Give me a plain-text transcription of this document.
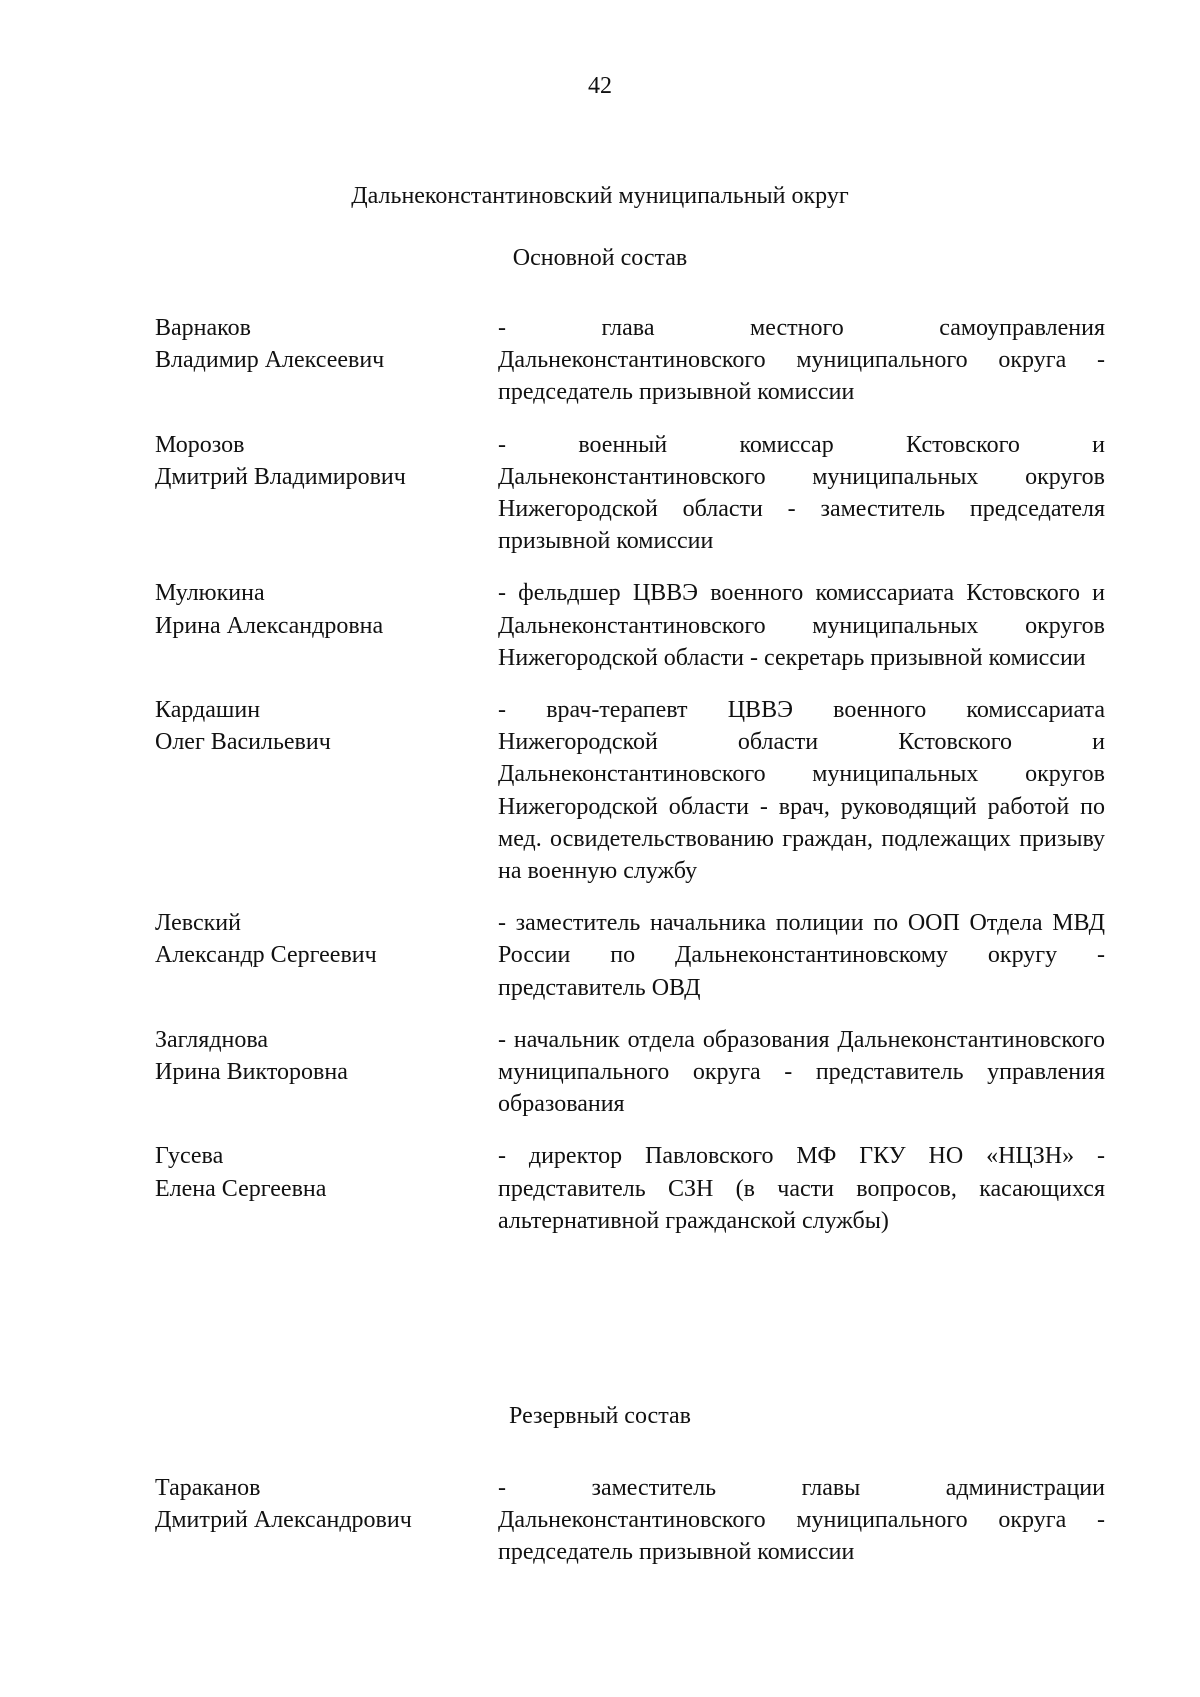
42
Дальнеконстантиновский муниципальный округ
Основной состав
Варнаков
Владимир Алексеевич
- глава местного самоуправления Дальнеконстантиновского муниципального округа - председатель призывной комиссии
Морозов
Дмитрий Владимирович
- военный комиссар Кстовского и Дальнеконстантиновского муниципальных округов Нижегородской области - заместитель председателя призывной комиссии
Мулюкина
Ирина Александровна
- фельдшер ЦВВЭ военного комиссариата Кстовского и Дальнеконстантиновского муниципальных округов Нижегородской области - секретарь призывной комиссии
Кардашин
Олег Васильевич
- врач-терапевт ЦВВЭ военного комиссариата Нижегородской области Кстовского и Дальнеконстантиновского муниципальных округов Нижегородской области - врач, руководящий работой по мед. освидетельствованию граждан, подлежащих призыву на военную службу
Левский
Александр Сергеевич
- заместитель начальника полиции по ООП Отдела МВД России по Дальнеконстантиновскому округу - представитель ОВД
Загляднова
Ирина Викторовна
- начальник отдела образования Дальнеконстантиновского муниципального округа - представитель управления образования
Гусева
Елена Сергеевна
- директор Павловского МФ ГКУ НО «НЦЗН» - представитель СЗН (в части вопросов, касающихся альтернативной гражданской службы)
Резервный состав
Тараканов
Дмитрий Александрович
- заместитель главы администрации Дальнеконстантиновского муниципального округа - председатель призывной комиссии
